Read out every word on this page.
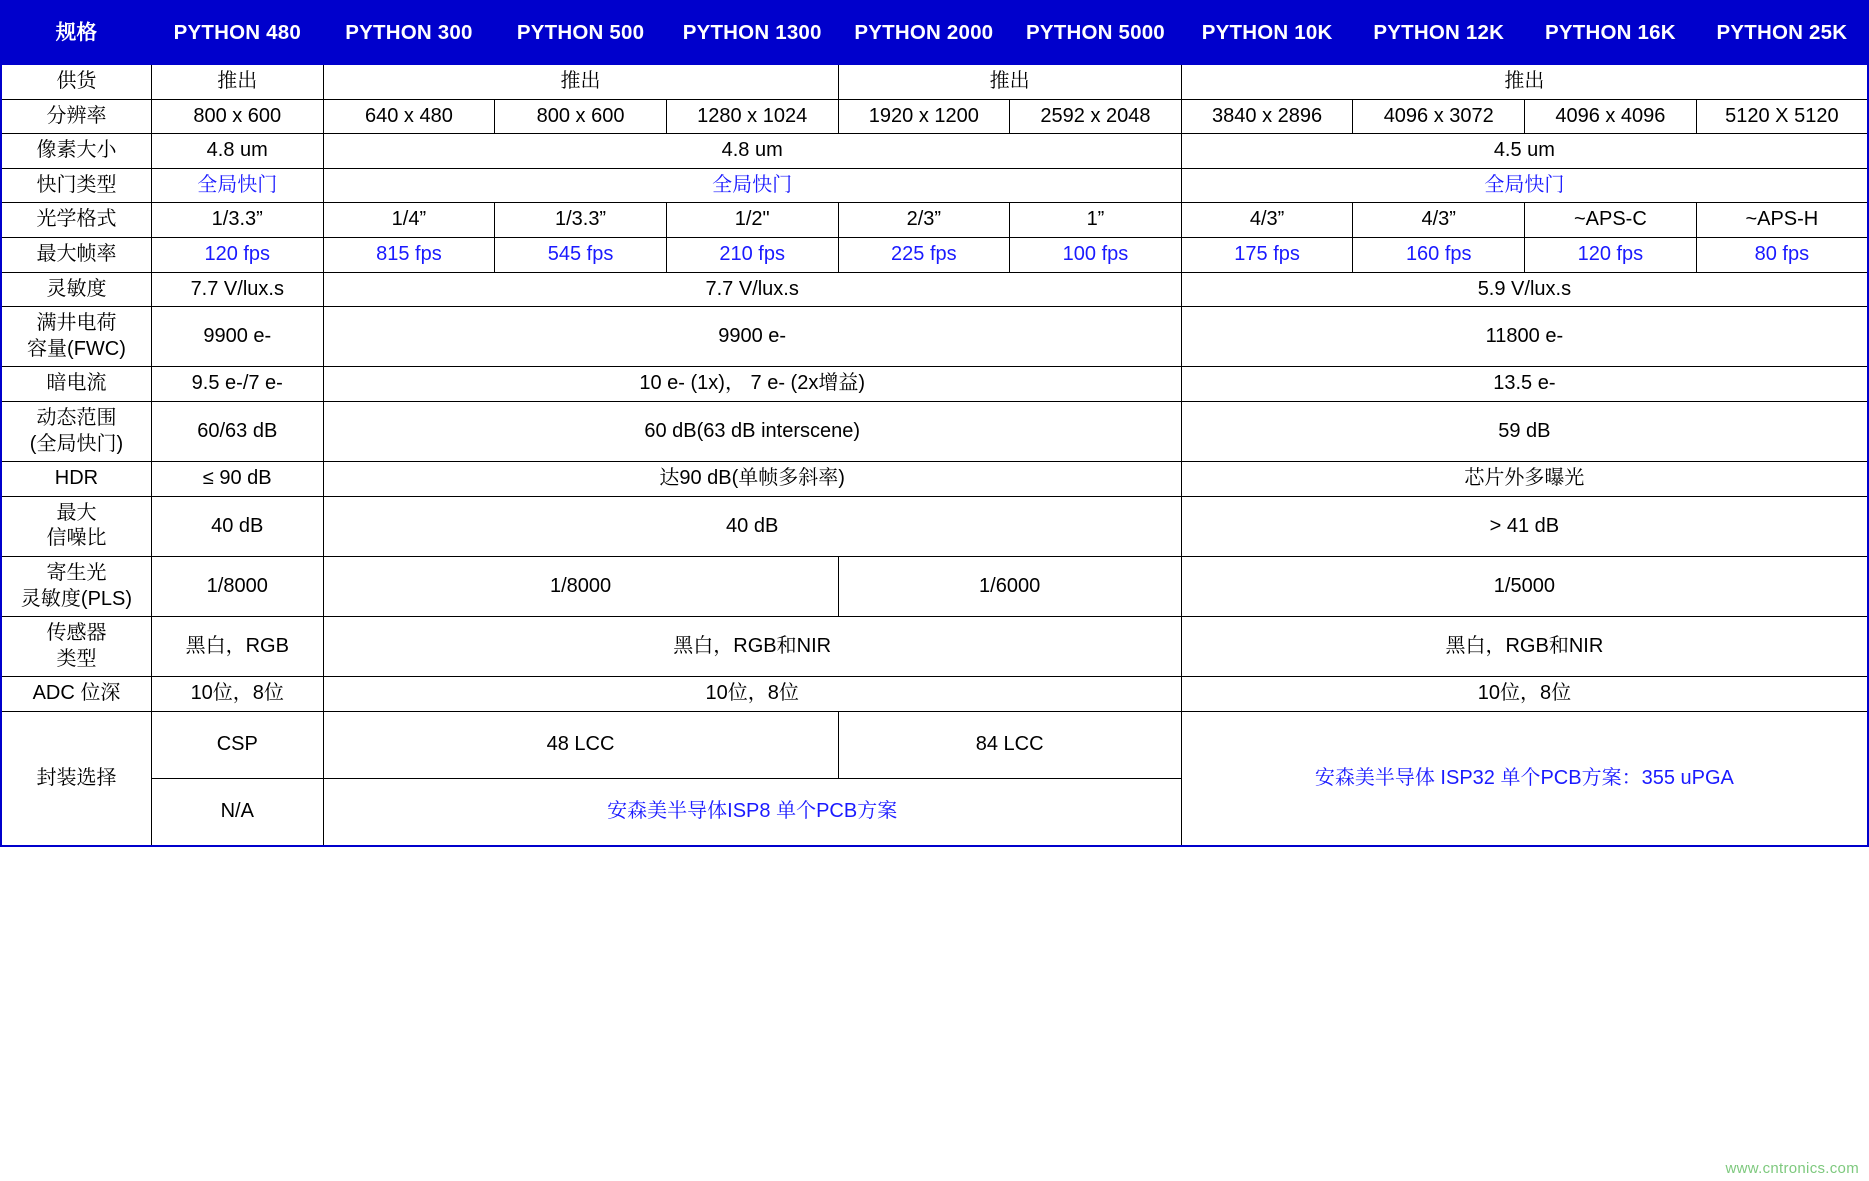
规格	PYTHON 480	PYTHON 300	PYTHON 500	PYTHON 1300	PYTHON 2000	PYTHON 5000	PYTHON 10K	PYTHON 12K	PYTHON 16K	PYTHON 25K
供货	推出	推出			推出		推出			
分辨率	800 x 600	640 x 480	800 x 600	1280 x 1024	1920 x 1200	2592 x 2048	3840 x 2896	4096 x 3072	4096 x 4096	5120 X 5120
像素大小	4.8 um	4.8 um					4.5 um			
快门类型	全局快门	全局快门					全局快门			
光学格式	1/3.3”	1/4”	1/3.3”	1/2"	2/3”	1”	4/3”	4/3”	~APS-C	~APS-H
最大帧率	120 fps	815 fps	545 fps	210 fps	225 fps	100 fps	175 fps	160 fps	120 fps	80 fps
灵敏度	7.7 V/lux.s	7.7 V/lux.s					5.9 V/lux.s			
满井电荷
容量(FWC)	9900 e-	9900 e-					11800 e-			
暗电流	9.5 e-/7 e-	10 e- (1x)， 7 e- (2x增益)					13.5 e-			
动态范围
(全局快门)	60/63 dB	60 dB(63 dB interscene)					59 dB			
HDR	≤ 90 dB	达90 dB(单帧多斜率)					芯片外多曝光			
最大
信噪比	40 dB	40 dB					> 41 dB			
寄生光
灵敏度(PLS)	1/8000	1/8000			1/6000		1/5000			
传感器
类型	黑白，RGB	黑白，RGB和NIR					黑白，RGB和NIR			
ADC 位深	10位，8位	10位，8位					10位，8位			
封装选择	CSP	48 LCC			84 LCC		安森美半导体 ISP32 单个PCB方案：355 uPGA			
	N/A	安森美半导体ISP8 单个PCB方案								
www.cntronics.com
